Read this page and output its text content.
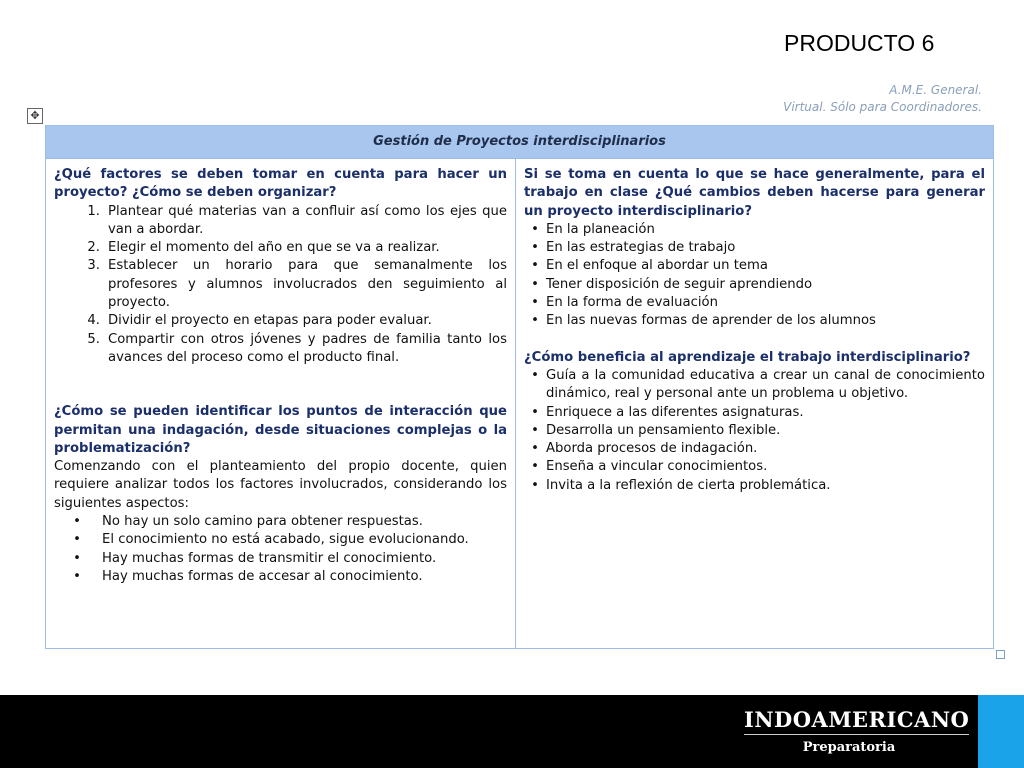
PRODUCTO 6
A.M.E. General.
Virtual. Sólo para Coordinadores.
✥
Gestión de Proyectos interdisciplinarios
¿Qué factores se deben tomar en cuenta para hacer un proyecto? ¿Cómo se deben organizar?
1. Plantear qué materias van a confluir así como los ejes que van a abordar.
2. Elegir el momento del año en que se va a realizar.
3. Establecer un horario para que semanalmente los profesores y alumnos involucrados den seguimiento al proyecto.
4. Dividir el proyecto en etapas para poder evaluar.
5. Compartir con otros jóvenes y padres de familia tanto los avances del proceso como el producto final.
¿Cómo se pueden identificar los puntos de interacción que permitan una indagación, desde situaciones complejas o la problematización?
Comenzando con el planteamiento del propio docente, quien requiere analizar todos los factores involucrados, considerando los siguientes aspectos:
•	No hay un solo camino para obtener respuestas.
•	El conocimiento no está acabado, sigue evolucionando.
•	Hay muchas formas de transmitir el conocimiento.
•	Hay muchas formas de accesar al conocimiento.
Si se toma en cuenta lo que se hace generalmente, para el trabajo en clase ¿Qué cambios deben hacerse para generar un proyecto interdisciplinario?
• En la planeación
• En las estrategias de trabajo
• En el enfoque al abordar un tema
• Tener disposición de seguir aprendiendo
• En la forma de evaluación
• En las nuevas formas de aprender de los alumnos
¿Cómo beneficia al aprendizaje el trabajo interdisciplinario?
• Guía a la comunidad educativa a crear un canal de conocimiento dinámico, real y personal ante un problema u objetivo.
• Enriquece a las diferentes asignaturas.
• Desarrolla un pensamiento flexible.
• Aborda procesos de indagación.
• Enseña a vincular conocimientos.
• Invita a la reflexión de cierta problemática.
INDOAMERICANO
Preparatoria
